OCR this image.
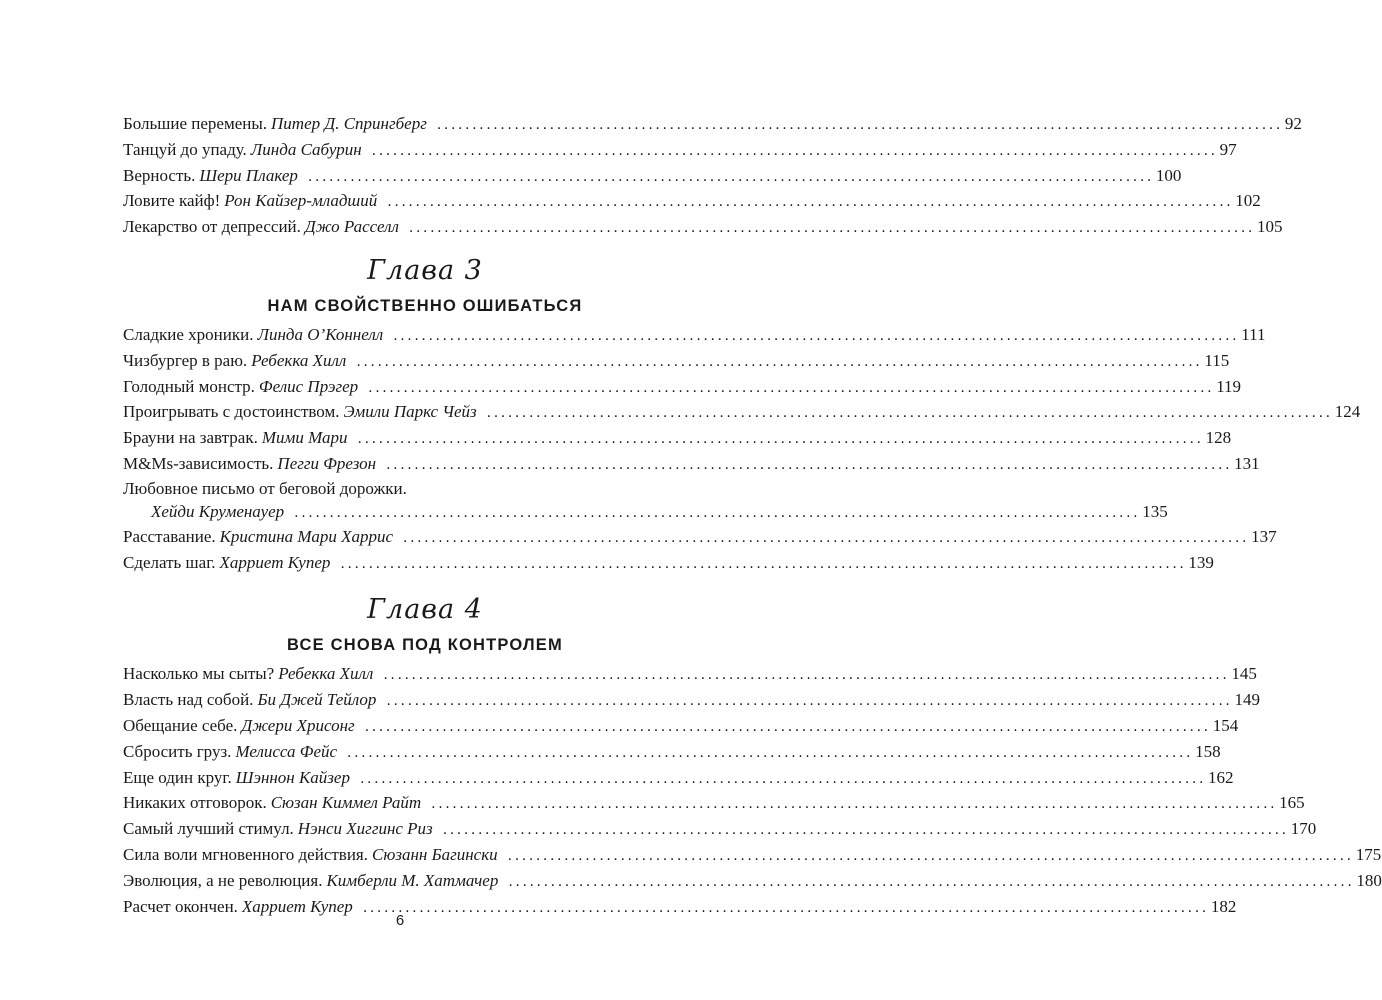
Большие перемены. Питер Д. Спрингберг ........................................................................................................................ 92
Танцуй до упаду. Линда Сабурин ........................................................................................................................ 97
Верность. Шери Плакер ........................................................................................................................ 100
Ловите кайф! Рон Кайзер-младший ........................................................................................................................ 102
Лекарство от депрессий. Джо Расселл ........................................................................................................................ 105
Глава 3
НАМ СВОЙСТВЕННО ОШИБАТЬСЯ
Сладкие хроники. Линда О’Коннелл ........................................................................................................................ 111
Чизбургер в раю. Ребекка Хилл ........................................................................................................................ 115
Голодный монстр. Фелис Прэгер ........................................................................................................................ 119
Проигрывать с достоинством. Эмили Паркс Чейз ........................................................................................................................ 124
Брауни на завтрак. Мими Мари ........................................................................................................................ 128
M&Ms-зависимость. Пегги Фрезон ........................................................................................................................ 131
Любовное письмо от беговой дорожки.
Хейди Круменауер ........................................................................................................................ 135
Расставание. Кристина Мари Харрис ........................................................................................................................ 137
Сделать шаг. Харриет Купер ........................................................................................................................ 139
Глава 4
ВСЕ СНОВА ПОД КОНТРОЛЕМ
Насколько мы сыты? Ребекка Хилл ........................................................................................................................ 145
Власть над собой. Би Джей Тейлор ........................................................................................................................ 149
Обещание себе. Джери Хрисонг ........................................................................................................................ 154
Сбросить груз. Мелисса Фейс ........................................................................................................................ 158
Еще один круг. Шэннон Кайзер ........................................................................................................................ 162
Никаких отговорок. Сюзан Киммел Райт ........................................................................................................................ 165
Самый лучший стимул. Нэнси Хиггинс Риз ........................................................................................................................ 170
Сила воли мгновенного действия. Сюзанн Багински ........................................................................................................................ 175
Эволюция, а не революция. Кимберли М. Хатмачер ........................................................................................................................ 180
Расчет окончен. Харриет Купер ........................................................................................................................ 182
6
